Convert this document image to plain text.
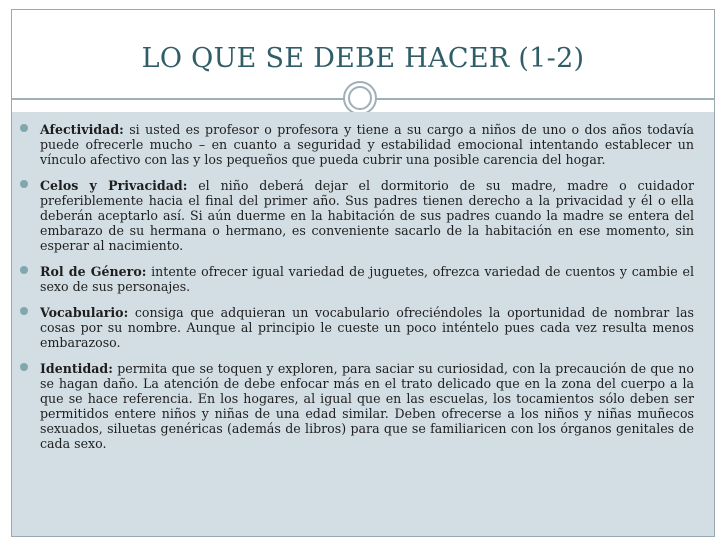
LO QUE SE DEBE HACER (1-2)
Afectividad: si usted es profesor o profesora y tiene a su cargo a niños de uno o dos años todavía puede ofrecerle mucho – en cuanto a seguridad y estabilidad emocional intentando establecer un vínculo afectivo con las y los pequeños que pueda cubrir una posible carencia del hogar.
Celos y Privacidad: el niño deberá dejar el dormitorio de su madre, madre o cuidador preferiblemente hacia el final del primer año. Sus padres tienen derecho a la privacidad y él o ella deberán aceptarlo así. Si aún duerme en la habitación de sus padres cuando la madre se entera del embarazo de su hermana o hermano, es conveniente sacarlo de la habitación en ese momento, sin esperar al nacimiento.
Rol de Género: intente ofrecer igual variedad de juguetes, ofrezca variedad de cuentos y cambie el sexo de sus personajes.
Vocabulario: consiga que adquieran un vocabulario ofreciéndoles la oportunidad de nombrar las cosas por su nombre. Aunque al principio le cueste un poco inténtelo pues cada vez resulta menos embarazoso.
Identidad: permita que se toquen y exploren, para saciar su curiosidad, con la precaución de que no se hagan daño. La atención de debe enfocar más en el trato delicado que en la zona del cuerpo a la que se hace referencia. En los hogares, al igual que en las escuelas, los tocamientos sólo deben ser permitidos entere niños y niñas de una edad similar. Deben ofrecerse a los niños y niñas muñecos sexuados, siluetas genéricas (además de libros) para que se familiaricen con los órganos genitales de cada sexo.
